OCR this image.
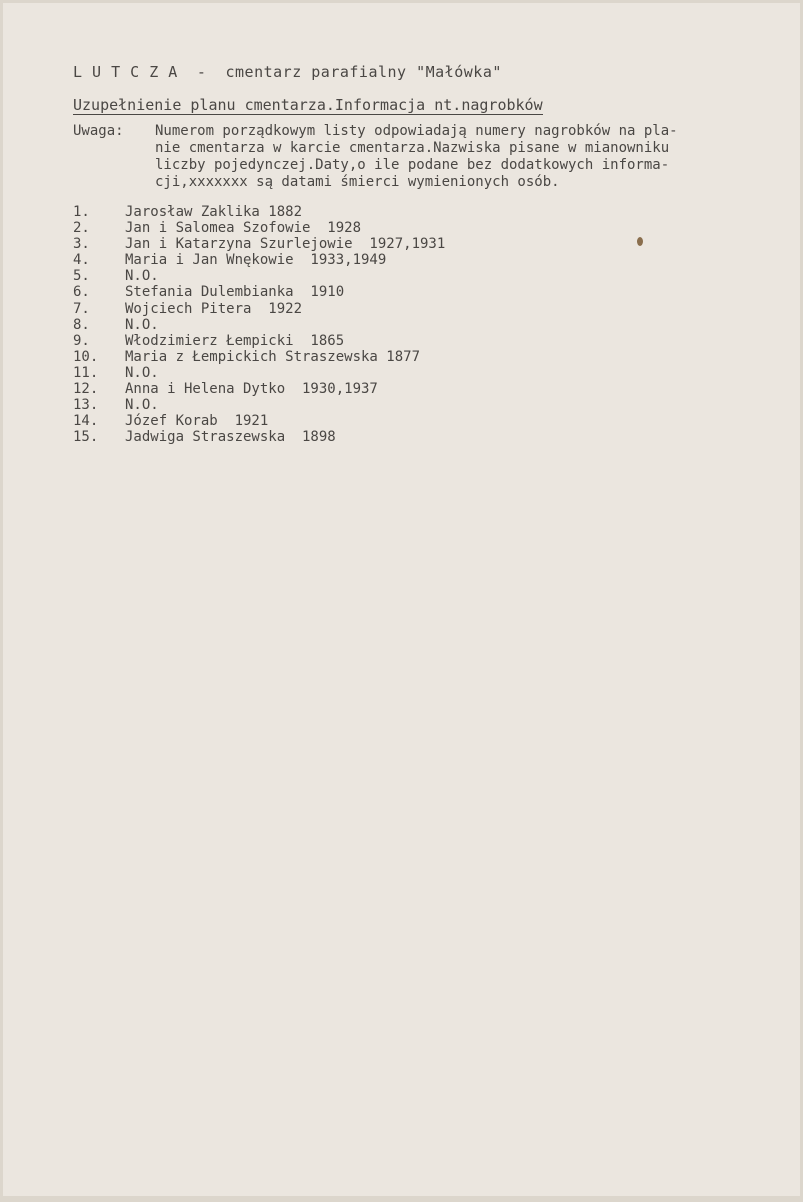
L U T C Z A  -  cmentarz parafialny "Małówka"
Uzupełnienie planu cmentarza.Informacja nt.nagrobków
Uwaga: Numerom porządkowym listy odpowiadają numery nagrobków na pla-
nie cmentarza w karcie cmentarza.Nazwiska pisane w mianowniku
liczby pojedynczej.Daty,o ile podane bez dodatkowych informa-
cji,xxxxxxx są datami śmierci wymienionych osób.
1.	Jarosław Zaklika 1882
2.	Jan i Salomea Szofowie  1928
3.	Jan i Katarzyna Szurlejowie  1927,1931
4.	Maria i Jan Wnękowie  1933,1949
5.	N.O.
6.	Stefania Dulembianka  1910
7.	Wojciech Pitera  1922
8.	N.O.
9.	Włodzimierz Łempicki  1865
10. Maria z Łempickich Straszewska 1877
11. N.O.
12. Anna i Helena Dytko  1930,1937
13. N.O.
14. Józef Korab  1921
15. Jadwiga Straszewska  1898
